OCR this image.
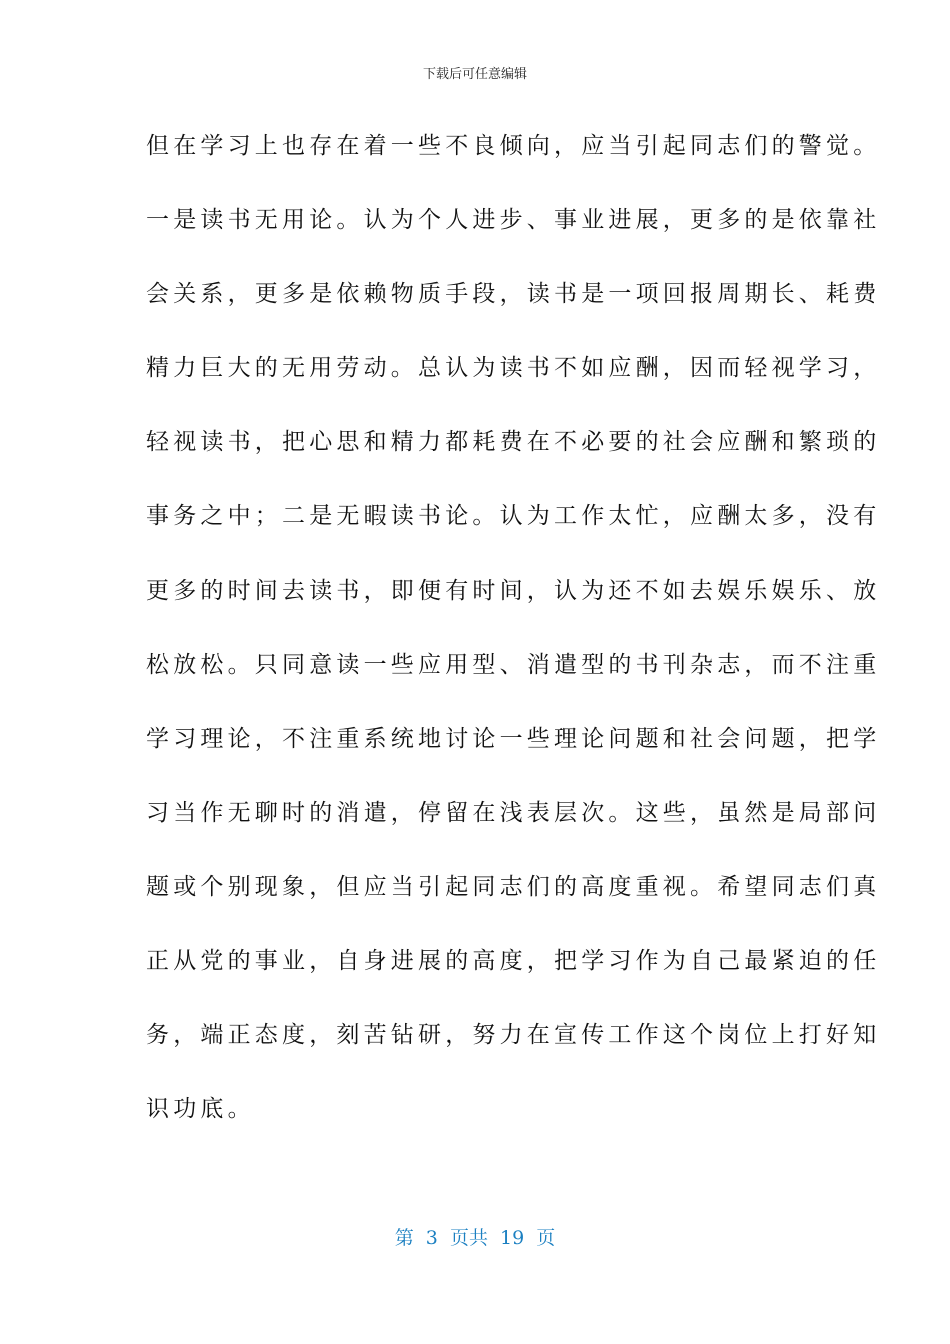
下载后可任意编辑
但在学习上也存在着一些不良倾向，应当引起同志们的警觉。
一是读书无用论。认为个人进步、事业进展，更多的是依靠社
会关系，更多是依赖物质手段，读书是一项回报周期长、耗费
精力巨大的无用劳动。总认为读书不如应酬，因而轻视学习，
轻视读书，把心思和精力都耗费在不必要的社会应酬和繁琐的
事务之中；二是无暇读书论。认为工作太忙，应酬太多，没有
更多的时间去读书，即便有时间，认为还不如去娱乐娱乐、放
松放松。只同意读一些应用型、消遣型的书刊杂志，而不注重
学习理论，不注重系统地讨论一些理论问题和社会问题，把学
习当作无聊时的消遣，停留在浅表层次。这些，虽然是局部问
题或个别现象，但应当引起同志们的高度重视。希望同志们真
正从党的事业，自身进展的高度，把学习作为自己最紧迫的任
务，端正态度，刻苦钻研，努力在宣传工作这个岗位上打好知
识功底。
第  3  页共  19  页
